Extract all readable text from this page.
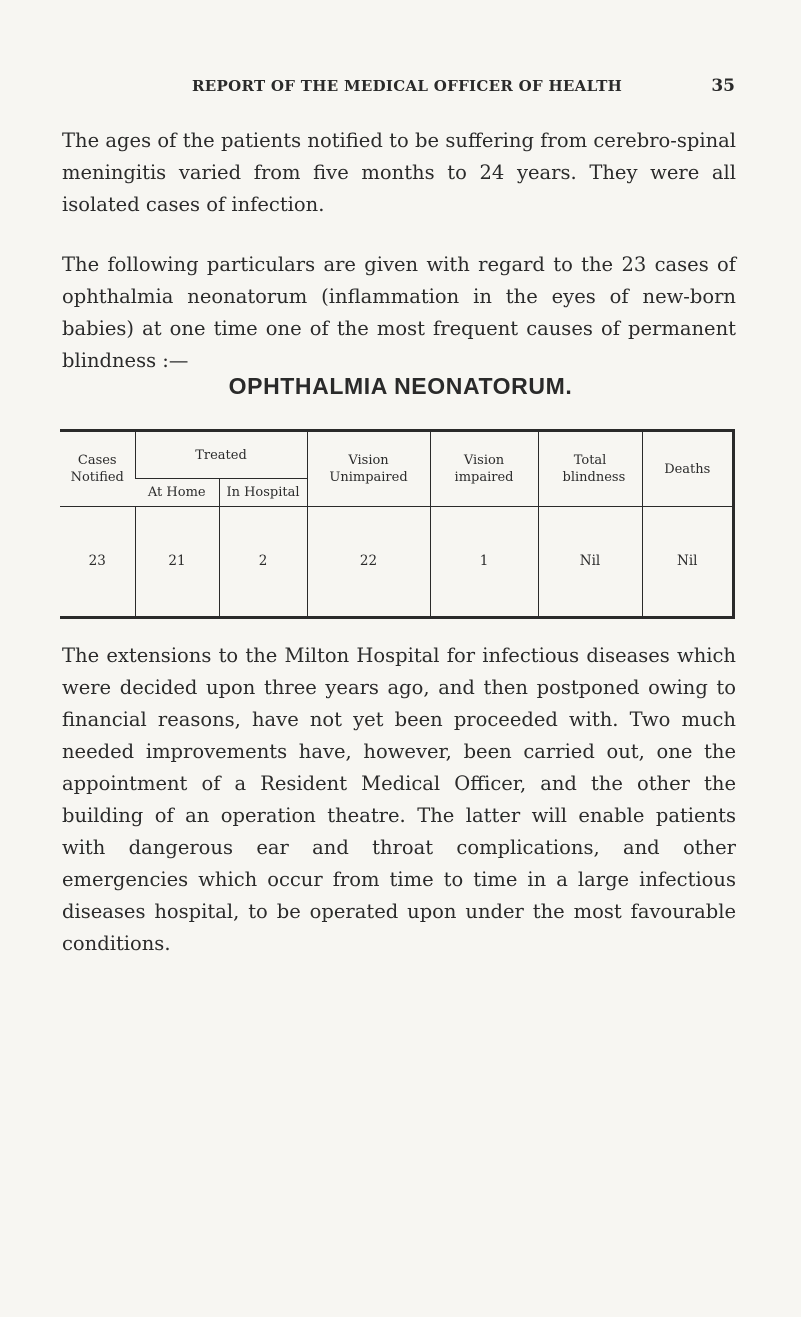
REPORT OF THE MEDICAL OFFICER OF HEALTH	35

The ages of the patients notified to be suffering from cerebro-spinal meningitis varied from five months to 24 years. They were all isolated cases of infection.

The following particulars are given with regard to the 23 cases of ophthalmia neonatorum (inflammation in the eyes of new-born babies) at one time one of the most frequent causes of permanent blindness :—

OPHTHALMIA NEONATORUM.
Cases Notified	Treated		Vision Unimpaired	Vision impaired	Total blindness	Deaths
	At Home	In Hospital				
23	21	2	22	1	Nil	Nil

The extensions to the Milton Hospital for infectious diseases which were decided upon three years ago, and then postponed owing to financial reasons, have not yet been proceeded with. Two much needed improvements have, however, been carried out, one the appointment of a Resident Medical Officer, and the other the building of an operation theatre. The latter will enable patients with dangerous ear and throat complications, and other emergencies which occur from time to time in a large infectious diseases hospital, to be operated upon under the most favourable conditions.
